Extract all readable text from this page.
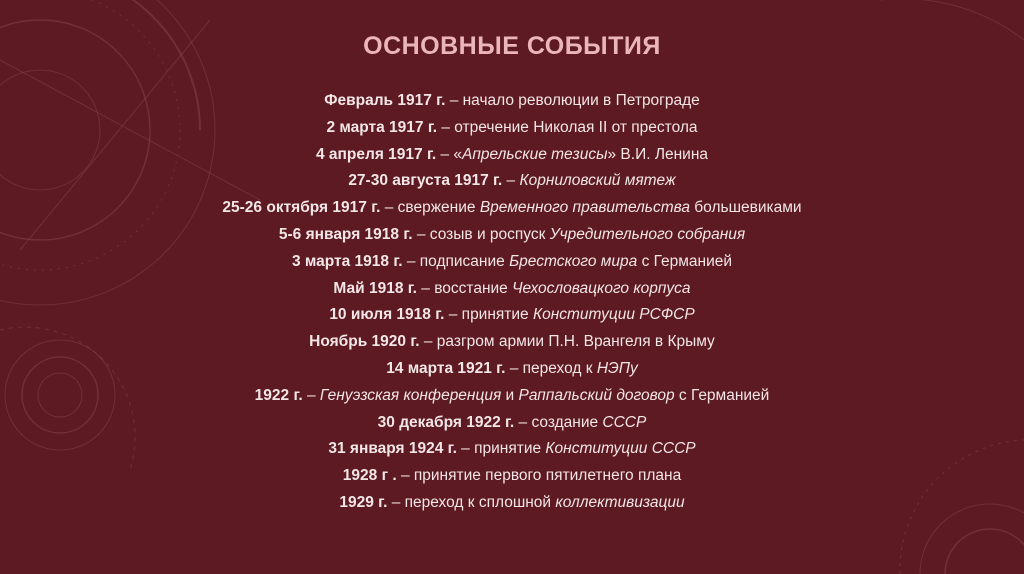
ОСНОВНЫЕ СОБЫТИЯ
Февраль 1917 г. – начало революции в Петрограде
2 марта 1917 г. – отречение Николая II от престола
4 апреля 1917 г. – «Апрельские тезисы» В.И. Ленина
27-30 августа 1917 г. – Корниловский мятеж
25-26 октября 1917 г. – свержение Временного правительства большевиками
5-6 января 1918 г. – созыв и роспуск Учредительного собрания
3 марта 1918 г. – подписание Брестского мира с Германией
Май 1918 г. – восстание Чехословацкого корпуса
10 июля 1918 г. – принятие Конституции РСФСР
Ноябрь 1920 г. – разгром армии П.Н. Врангеля в Крыму
14 марта 1921 г. – переход к НЭПу
1922 г. – Генуэзская конференция и Раппальский договор с Германией
30 декабря 1922 г. – создание СССР
31 января 1924 г. – принятие Конституции СССР
1928 г . – принятие первого пятилетнего плана
1929 г. – переход к сплошной коллективизации
